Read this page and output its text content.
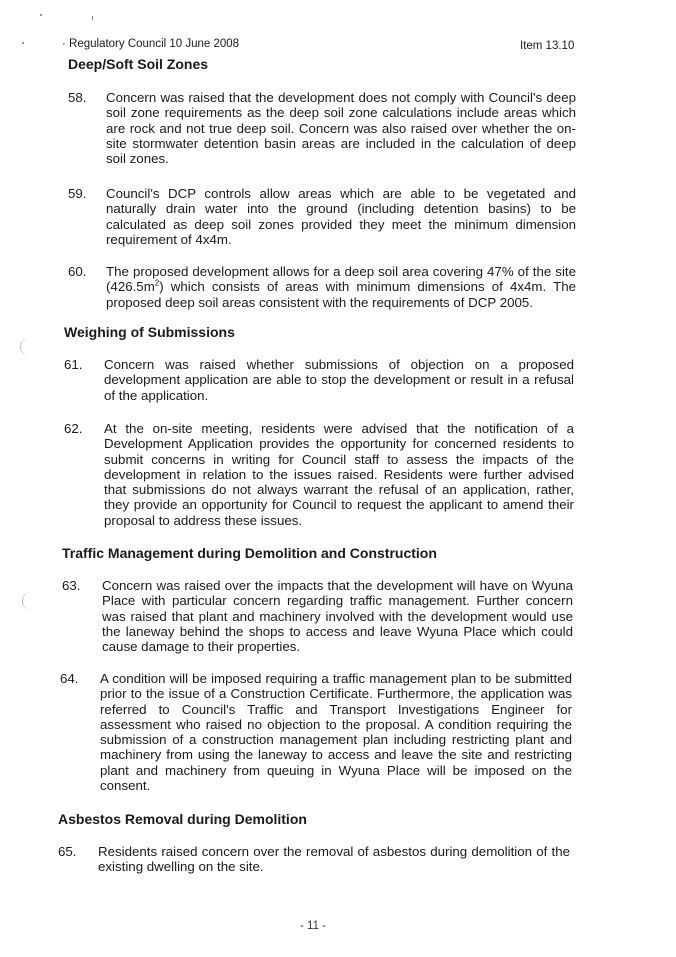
· Regulatory Council 10 June 2008	Item 13.10
Deep/Soft Soil Zones
58. Concern was raised that the development does not comply with Council's deep soil zone requirements as the deep soil zone calculations include areas which are rock and not true deep soil. Concern was also raised over whether the on-site stormwater detention basin areas are included in the calculation of deep soil zones.
59. Council's DCP controls allow areas which are able to be vegetated and naturally drain water into the ground (including detention basins) to be calculated as deep soil zones provided they meet the minimum dimension requirement of 4x4m.
60. The proposed development allows for a deep soil area covering 47% of the site $(426.5m^2)$ which consists of areas with minimum dimensions of 4x4m. The proposed deep soil areas consistent with the requirements of DCP 2005.
Weighing of Submissions
61. Concern was raised whether submissions of objection on a proposed development application are able to stop the development or result in a refusal of the application.
62. At the on-site meeting, residents were advised that the notification of a Development Application provides the opportunity for concerned residents to submit concerns in writing for Council staff to assess the impacts of the development in relation to the issues raised. Residents were further advised that submissions do not always warrant the refusal of an application, rather, they provide an opportunity for Council to request the applicant to amend their proposal to address these issues.
Traffic Management during Demolition and Construction
63. Concern was raised over the impacts that the development will have on Wyuna Place with particular concern regarding traffic management. Further concern was raised that plant and machinery involved with the development would use the laneway behind the shops to access and leave Wyuna Place which could cause damage to their properties.
64. A condition will be imposed requiring a traffic management plan to be submitted prior to the issue of a Construction Certificate. Furthermore, the application was referred to Council's Traffic and Transport Investigations Engineer for assessment who raised no objection to the proposal. A condition requiring the submission of a construction management plan including restricting plant and machinery from using the laneway to access and leave the site and restricting plant and machinery from queuing in Wyuna Place will be imposed on the consent.
Asbestos Removal during Demolition
65. Residents raised concern over the removal of asbestos during demolition of the existing dwelling on the site.
- 11 -
